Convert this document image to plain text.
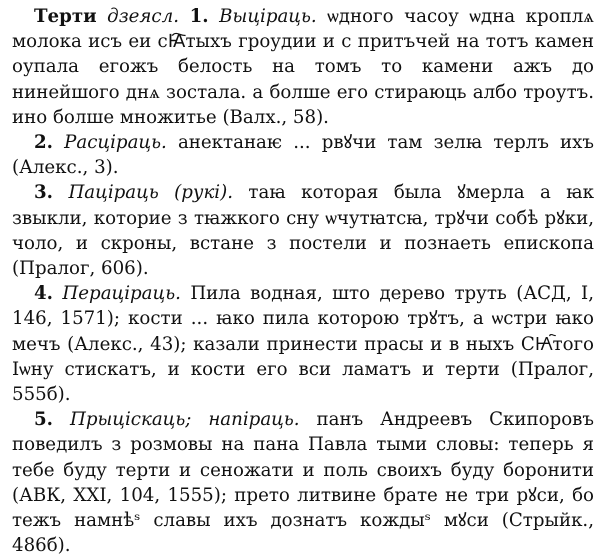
Терти дзеясл. 1. Выціраць. ѡдного часоу ѡдна кроплѧ молока исъ еи сꙖ҇тыхъ гроудии и с притъчей на тотъ камен оупала егожъ белость на томъ то камени ажъ до нинейшого днѧ зостала. а болше его стираюць албо троутъ. ино болше множитье (Валх., 58).

2. Расціраць. анектанаѥ ... рвꙋчи там зелꙗ терлъ ихъ (Алекс., 3).

3. Паціраць (рукі). таꙗ которая была ꙋмерла а ꙗк звыкли, которие з тꙗжкого сну ѡчутꙗтсꙗ, трꙋчи собѣ рꙋки, чоло, и скроны, встане з постели и познаеть епископа (Пралог, 606).

4. Перацірaць. Пила водная, што дерево труть (АСД, I, 146, 1571); кости ... ꙗко пила которою трꙋтъ, а ѡстри ꙗко мечъ (Алекс., 43); казали принести прасы и в ныхъ СꙖ҇того Iѡну стискатъ, и кости его вси ламатъ и терти (Пралог, 555б).

5. Прыціскаць; напіраць. панъ Андреевъ Скипоровъ поведилъ з розмовы на пана Павла тыми словы: теперь я тебе буду терти и сеножати и поль своихъ буду боронити (АВК, XXI, 104, 1555); прето литвине брате не три рꙋси, бо тежъ намнѣˢ славы ихъ дознатъ кождыˢ мꙋси (Стрыйк., 486б).
